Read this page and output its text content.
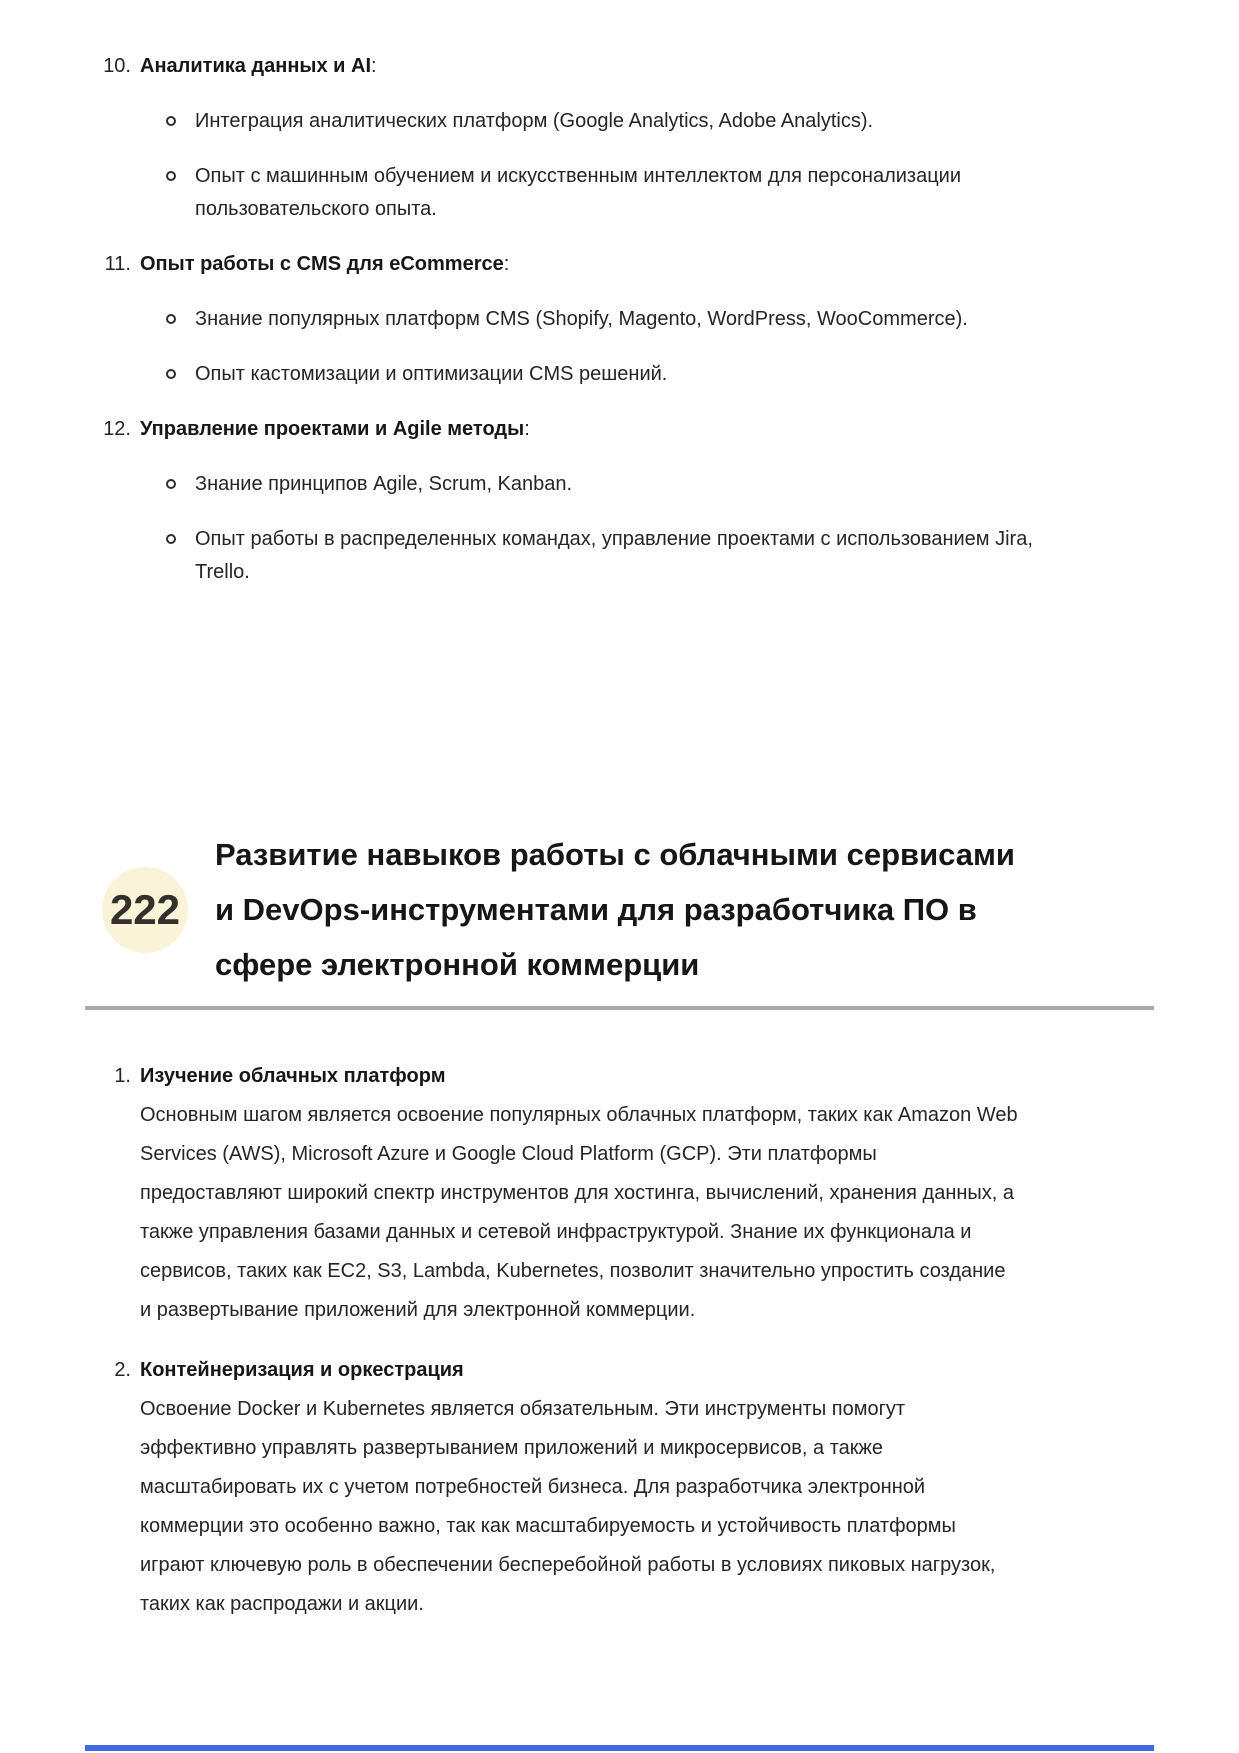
10. Аналитика данных и AI:
Интеграция аналитических платформ (Google Analytics, Adobe Analytics).
Опыт с машинным обучением и искусственным интеллектом для персонализации пользовательского опыта.
11. Опыт работы с CMS для eCommerce:
Знание популярных платформ CMS (Shopify, Magento, WordPress, WooCommerce).
Опыт кастомизации и оптимизации CMS решений.
12. Управление проектами и Agile методы:
Знание принципов Agile, Scrum, Kanban.
Опыт работы в распределенных командах, управление проектами с использованием Jira, Trello.
222
Развитие навыков работы с облачными сервисами и DevOps-инструментами для разработчика ПО в сфере электронной коммерции
1. Изучение облачных платформ

Основным шагом является освоение популярных облачных платформ, таких как Amazon Web Services (AWS), Microsoft Azure и Google Cloud Platform (GCP). Эти платформы предоставляют широкий спектр инструментов для хостинга, вычислений, хранения данных, а также управления базами данных и сетевой инфраструктурой. Знание их функционала и сервисов, таких как EC2, S3, Lambda, Kubernetes, позволит значительно упростить создание и развертывание приложений для электронной коммерции.

2. Контейнеризация и оркестрация

Освоение Docker и Kubernetes является обязательным. Эти инструменты помогут эффективно управлять развертыванием приложений и микросервисов, а также масштабировать их с учетом потребностей бизнеса. Для разработчика электронной коммерции это особенно важно, так как масштабируемость и устойчивость платформы играют ключевую роль в обеспечении бесперебойной работы в условиях пиковых нагрузок, таких как распродажи и акции.
